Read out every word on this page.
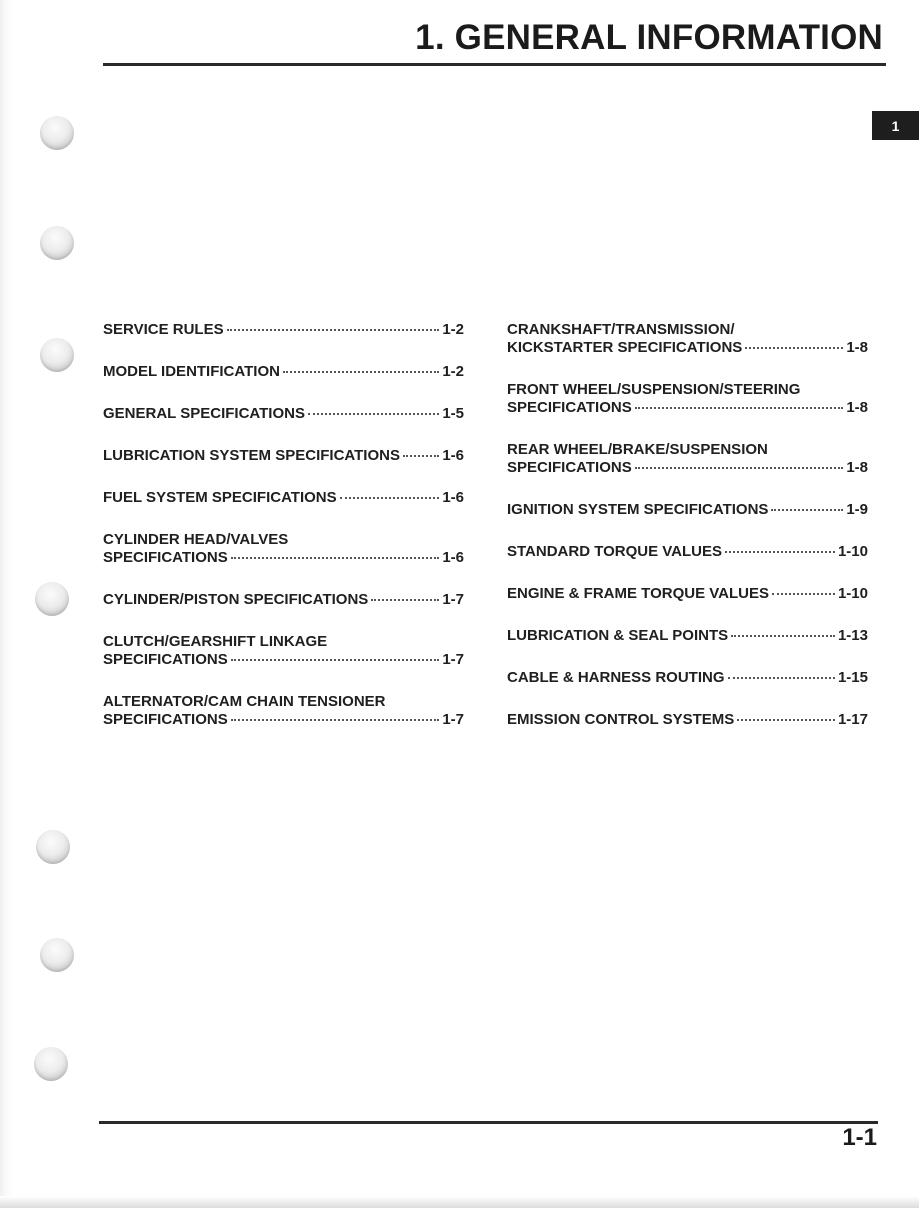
1. GENERAL INFORMATION
1
SERVICE RULES	1-2
MODEL IDENTIFICATION	1-2
GENERAL SPECIFICATIONS	1-5
LUBRICATION SYSTEM SPECIFICATIONS	1-6
FUEL SYSTEM SPECIFICATIONS	1-6
CYLINDER HEAD/VALVES
SPECIFICATIONS	1-6
CYLINDER/PISTON SPECIFICATIONS	1-7
CLUTCH/GEARSHIFT LINKAGE
SPECIFICATIONS	1-7
ALTERNATOR/CAM CHAIN TENSIONER
SPECIFICATIONS	1-7
CRANKSHAFT/TRANSMISSION/
KICKSTARTER SPECIFICATIONS	1-8
FRONT WHEEL/SUSPENSION/STEERING
SPECIFICATIONS	1-8
REAR WHEEL/BRAKE/SUSPENSION
SPECIFICATIONS	1-8
IGNITION SYSTEM SPECIFICATIONS	1-9
STANDARD TORQUE VALUES	1-10
ENGINE & FRAME TORQUE VALUES	1-10
LUBRICATION & SEAL POINTS	1-13
CABLE & HARNESS ROUTING	1-15
EMISSION CONTROL SYSTEMS	1-17
1-1
